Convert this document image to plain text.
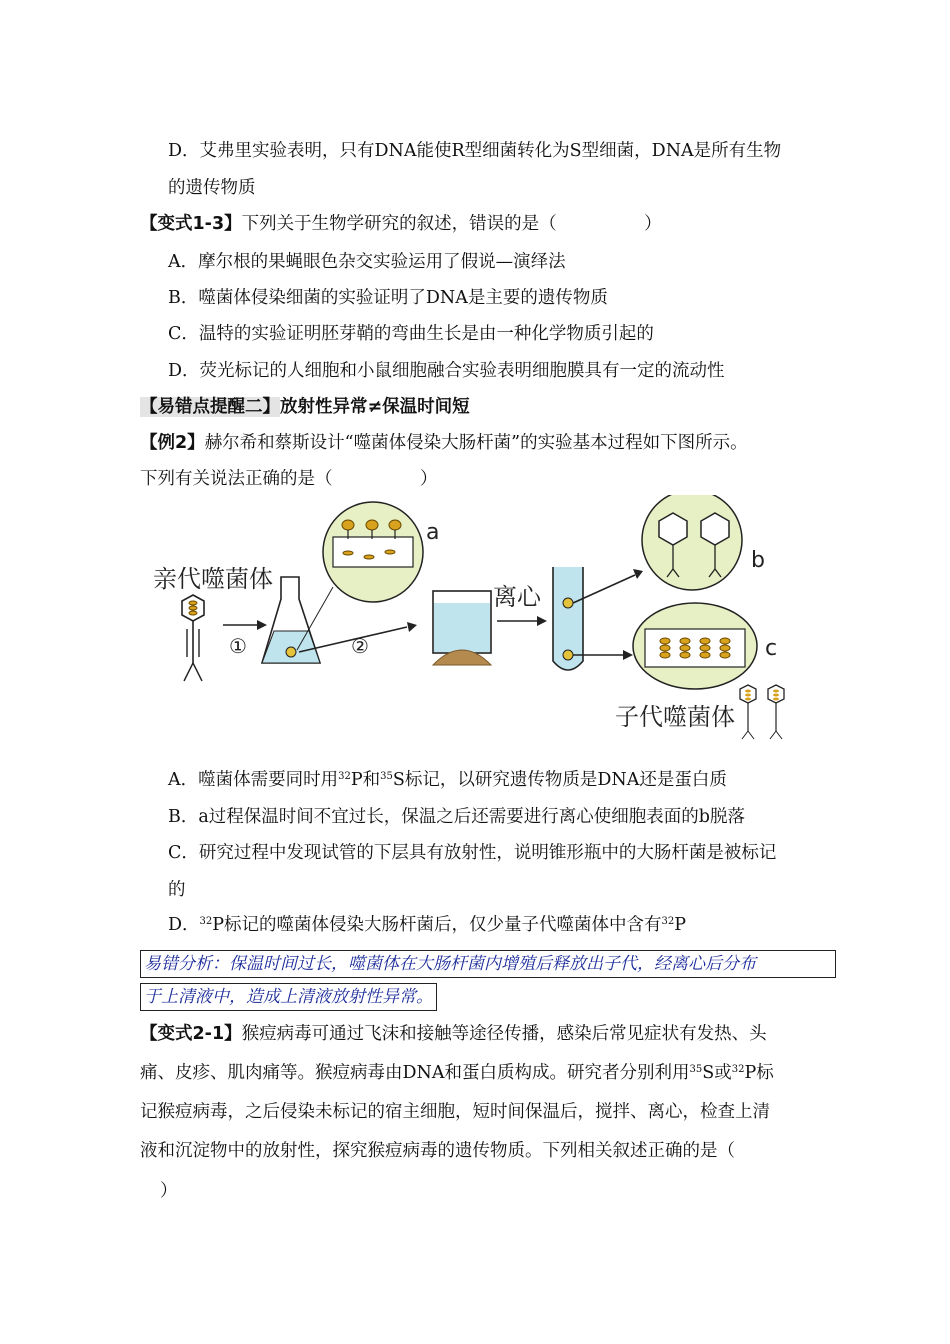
D．艾弗里实验表明，只有DNA能使R型细菌转化为S型细菌，DNA是所有生物
的遗传物质
【变式1-3】下列关于生物学研究的叙述，错误的是（　　　　　）
A．摩尔根的果蝇眼色杂交实验运用了假说—演绎法
B．噬菌体侵染细菌的实验证明了DNA是主要的遗传物质
C．温特的实验证明胚芽鞘的弯曲生长是由一种化学物质引起的
D．荧光标记的人细胞和小鼠细胞融合实验表明细胞膜具有一定的流动性
【易错点提醒二】放射性异常≠保温时间短
【例2】赫尔希和蔡斯设计“噬菌体侵染大肠杆菌”的实验基本过程如下图所示。
下列有关说法正确的是（　　　　　）
亲代噬菌体
①
a
②
离心
b
c
子代噬菌体
A．噬菌体需要同时用$^{32}$P和$^{35}$S标记，以研究遗传物质是DNA还是蛋白质
B．a过程保温时间不宜过长，保温之后还需要进行离心使细胞表面的b脱落
C．研究过程中发现试管的下层具有放射性，说明锥形瓶中的大肠杆菌是被标记
的
D．$^{32}$P标记的噬菌体侵染大肠杆菌后，仅少量子代噬菌体中含有$^{32}$P
易错分析：保温时间过长，噬菌体在大肠杆菌内增殖后释放出子代，经离心后分布
于上清液中，造成上清液放射性异常。
【变式2-1】猴痘病毒可通过飞沫和接触等途径传播，感染后常见症状有发热、头
痛、皮疹、肌肉痛等。猴痘病毒由DNA和蛋白质构成。研究者分别利用$^{35}$S或$^{32}$P标
记猴痘病毒，之后侵染未标记的宿主细胞，短时间保温后，搅拌、离心，检查上清
液和沉淀物中的放射性，探究猴痘病毒的遗传物质。下列相关叙述正确的是（
）
